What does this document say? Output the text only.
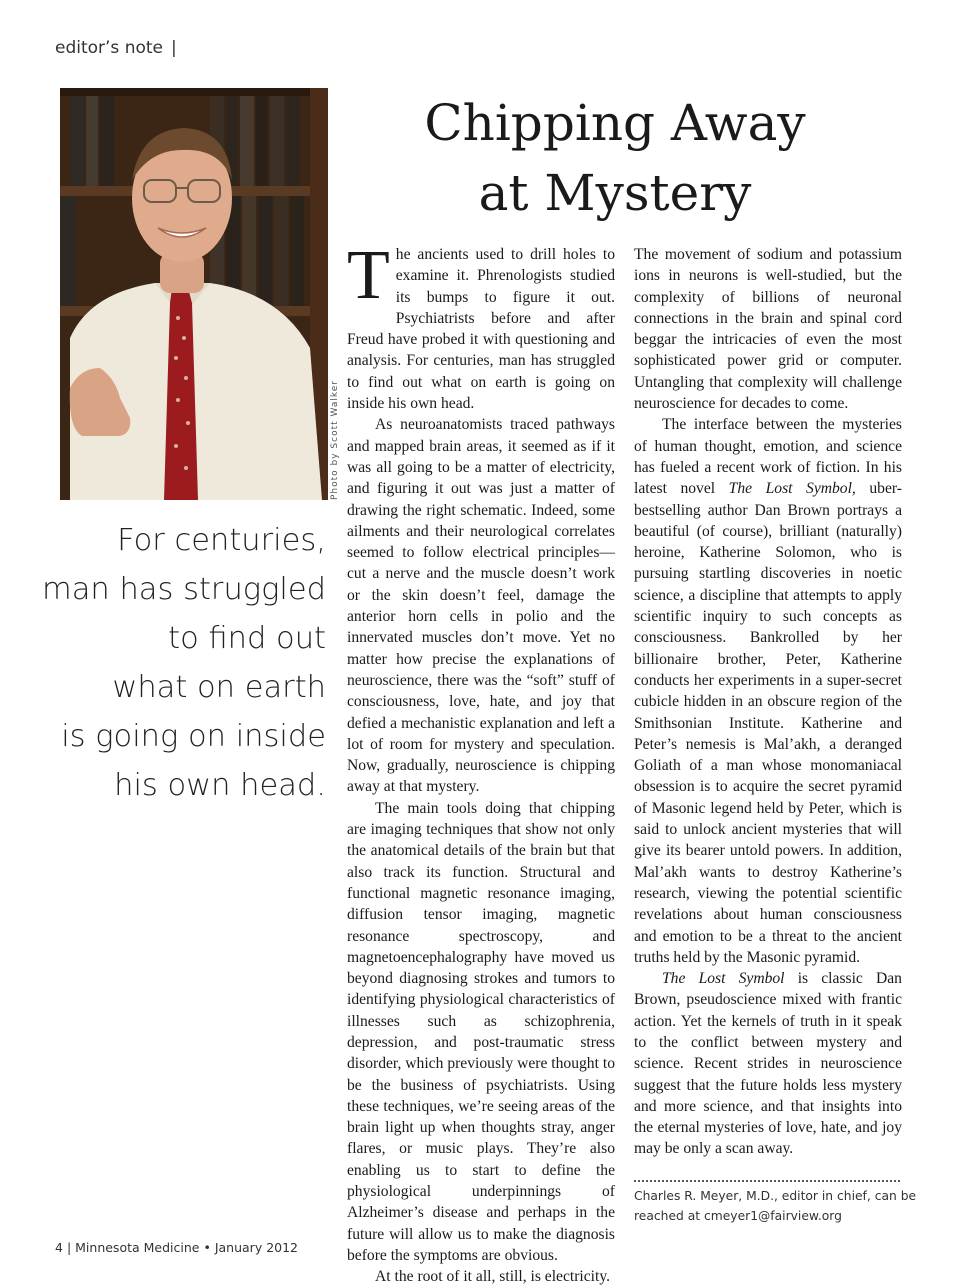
editor’s note |
Photo by Scott Walker
For centuries,
man has struggled
to find out
what on earth
is going on inside
his own head.
Chipping Away
at Mystery

The ancients used to drill holes to examine it. Phrenologists studied its bumps to figure it out. Psychiatrists before and after Freud have probed it with questioning and analysis. For centuries, man has struggled to find out what on earth is going on inside his own head.

As neuroanatomists traced pathways and mapped brain areas, it seemed as if it was all going to be a matter of electricity, and figuring it out was just a matter of drawing the right schematic. Indeed, some ailments and their neurological correlates seemed to follow electrical principles—cut a nerve and the muscle doesn’t work or the skin doesn’t feel, damage the anterior horn cells in polio and the innervated muscles don’t move. Yet no matter how precise the explanations of neuroscience, there was the “soft” stuff of consciousness, love, hate, and joy that defied a mechanistic explanation and left a lot of room for mystery and speculation. Now, gradually, neuroscience is chipping away at that mystery.

The main tools doing that chipping are imaging techniques that show not only the anatomical details of the brain but that also track its function. Structural and functional magnetic resonance imaging, diffusion tensor imaging, magnetic resonance spectroscopy, and magnetoencephalography have moved us beyond diagnosing strokes and tumors to identifying physiological characteristics of illnesses such as schizophrenia, depression, and post-traumatic stress disorder, which previously were thought to be the business of psychiatrists. Using these techniques, we’re seeing areas of the brain light up when thoughts stray, anger flares, or music plays. They’re also enabling us to start to define the physiological underpinnings of Alzheimer’s disease and perhaps in the future will allow us to make the diagnosis before the symptoms are obvious.

At the root of it all, still, is electricity.

The movement of sodium and potassium ions in neurons is well-studied, but the complexity of billions of neuronal connections in the brain and spinal cord beggar the intricacies of even the most sophisticated power grid or computer. Untangling that complexity will challenge neuroscience for decades to come.

The interface between the mysteries of human thought, emotion, and science has fueled a recent work of fiction. In his latest novel The Lost Symbol, uber-bestselling author Dan Brown portrays a beautiful (of course), brilliant (naturally) heroine, Katherine Solomon, who is pursuing startling discoveries in noetic science, a discipline that attempts to apply scientific inquiry to such concepts as consciousness. Bankrolled by her billionaire brother, Peter, Katherine conducts her experiments in a super-secret cubicle hidden in an obscure region of the Smithsonian Institute. Katherine and Peter’s nemesis is Mal’akh, a deranged Goliath of a man whose monomaniacal obsession is to acquire the secret pyramid of Masonic legend held by Peter, which is said to unlock ancient mysteries that will give its bearer untold powers. In addition, Mal’akh wants to destroy Katherine’s research, viewing the potential scientific revelations about human consciousness and emotion to be a threat to the ancient truths held by the Masonic pyramid.

The Lost Symbol is classic Dan Brown, pseudoscience mixed with frantic action. Yet the kernels of truth in it speak to the conflict between mystery and science. Recent strides in neuroscience suggest that the future holds less mystery and more science, and that insights into the eternal mysteries of love, hate, and joy may be only a scan away.

Charles R. Meyer, M.D., editor in chief, can be
reached at cmeyer1@fairview.org
4 | Minnesota Medicine • January 2012
